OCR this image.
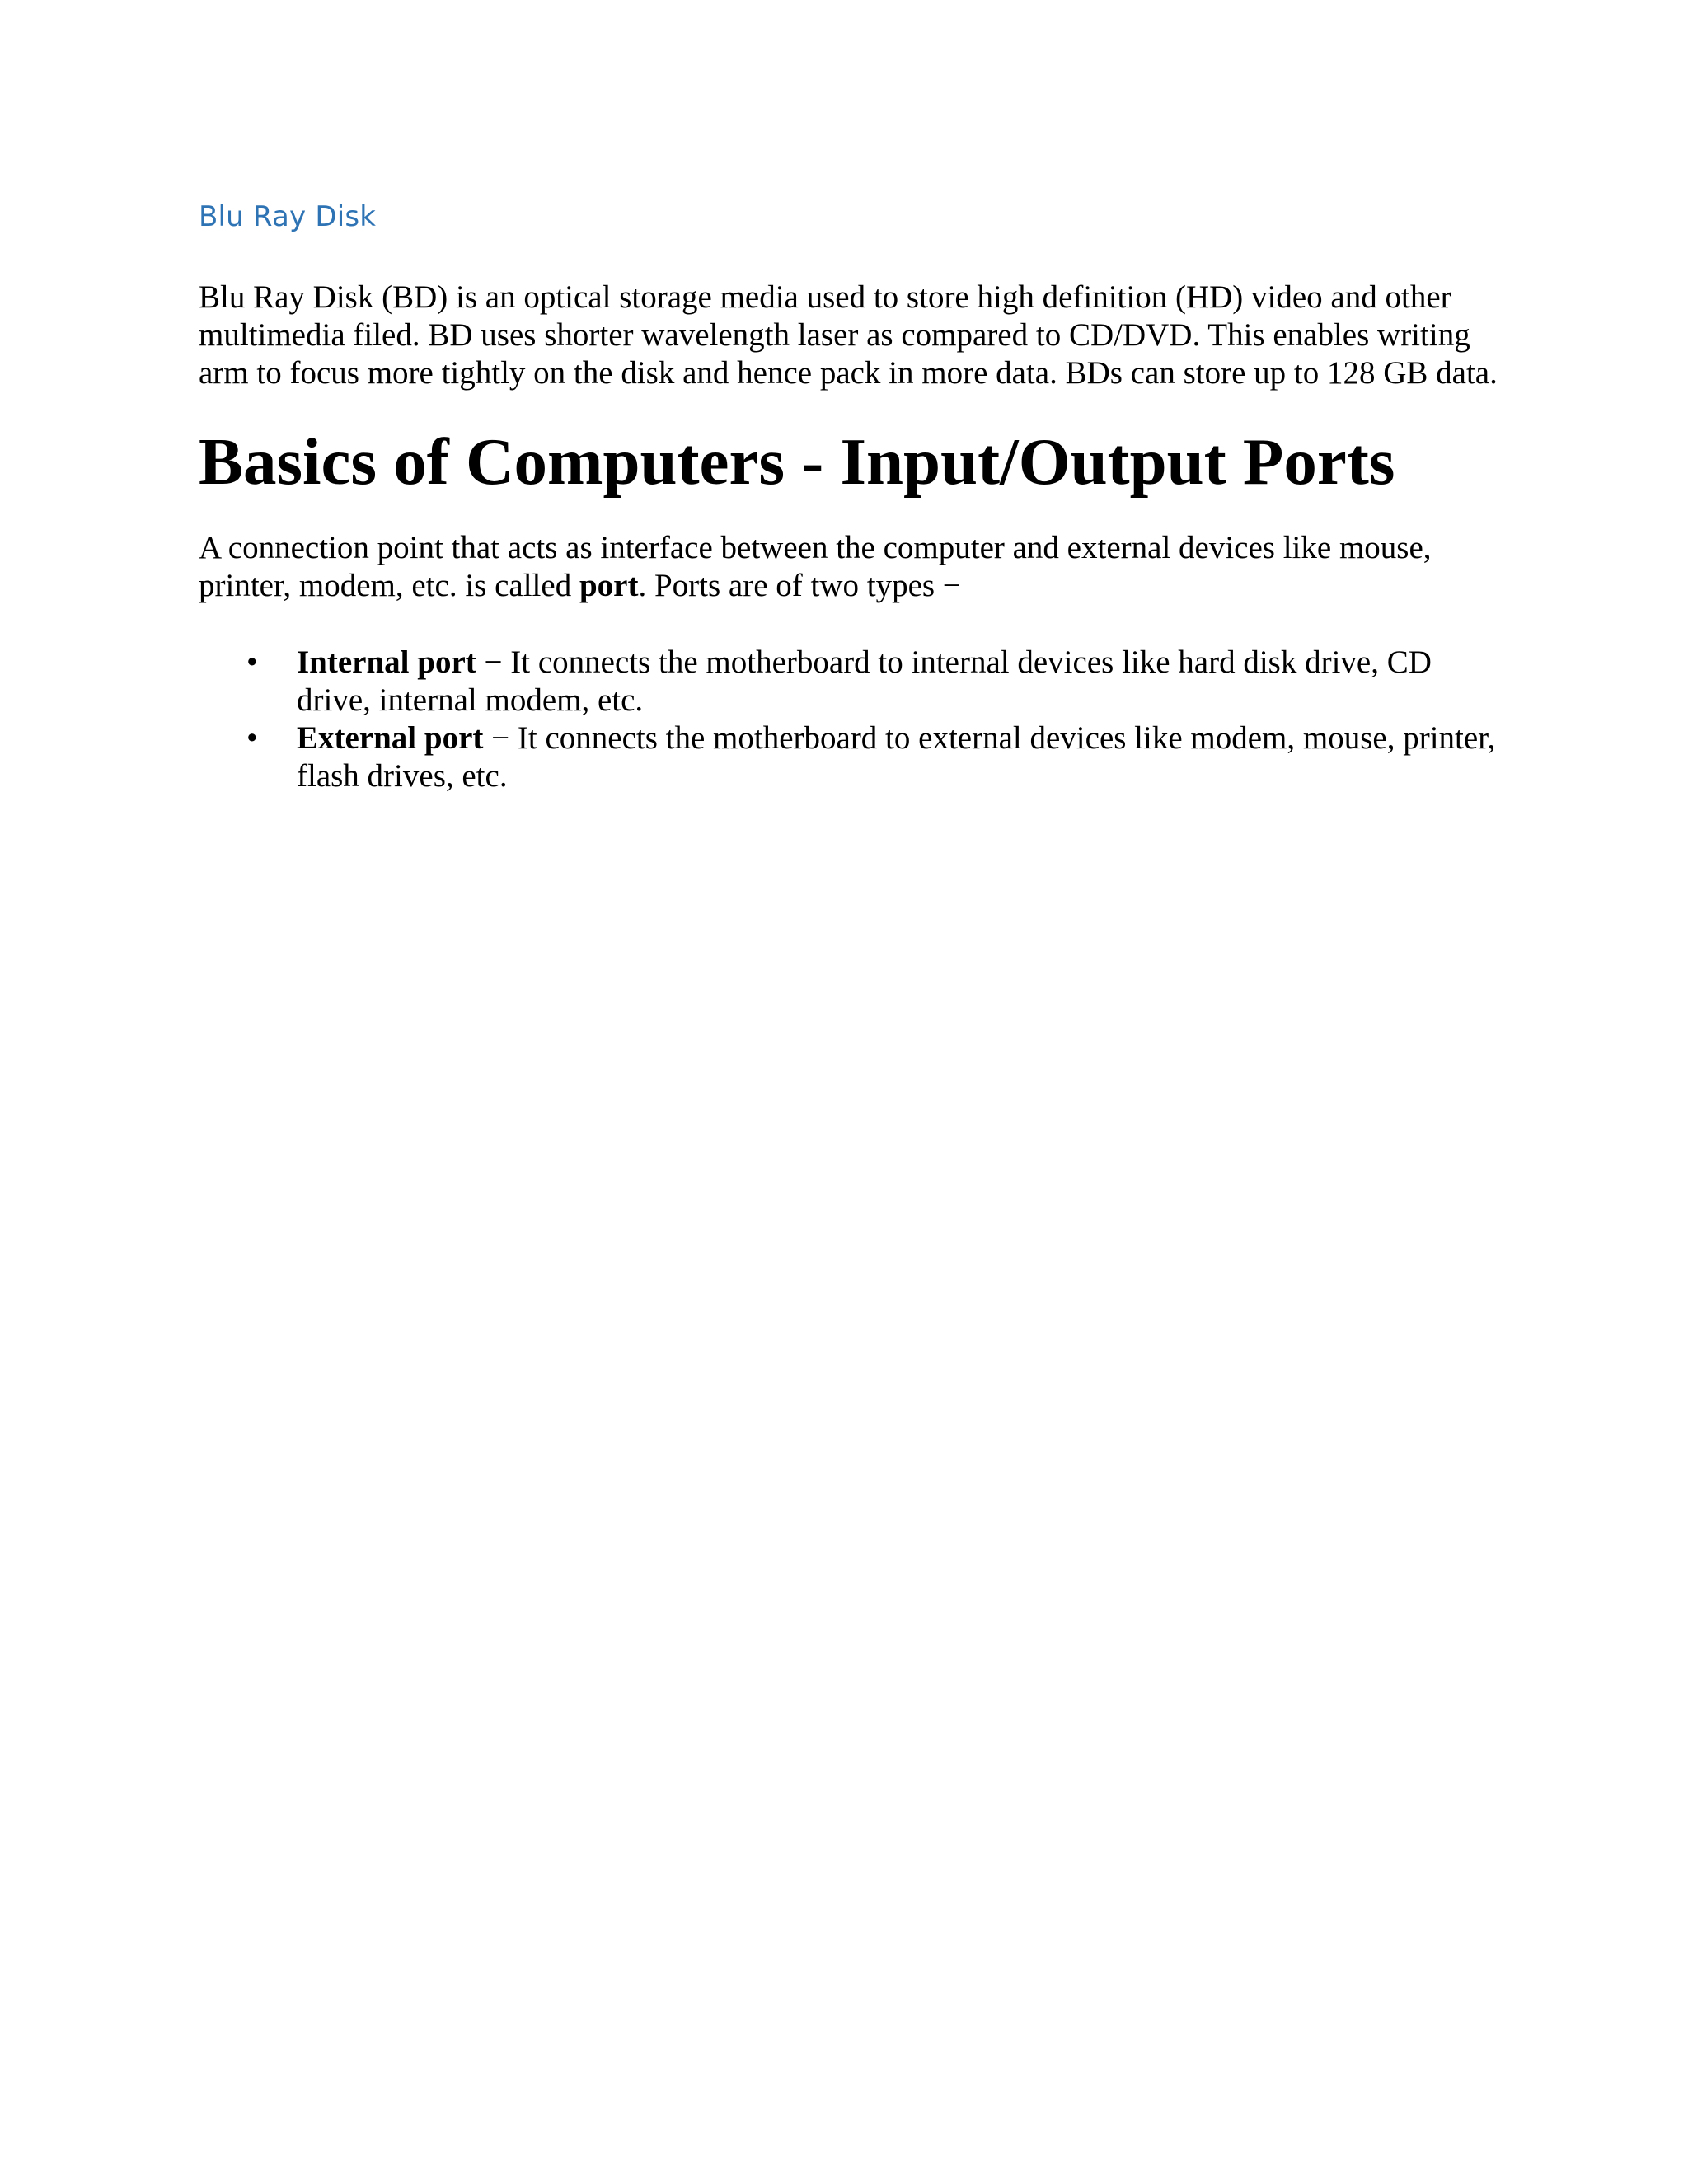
Blu Ray Disk

Blu Ray Disk (BD) is an optical storage media used to store high definition (HD) video and other multimedia filed. BD uses shorter wavelength laser as compared to CD/DVD. This enables writing arm to focus more tightly on the disk and hence pack in more data. BDs can store up to 128 GB data.

Basics of Computers - Input/Output Ports

A connection point that acts as interface between the computer and external devices like mouse, printer, modem, etc. is called port. Ports are of two types −

• Internal port − It connects the motherboard to internal devices like hard disk drive, CD drive, internal modem, etc.
• External port − It connects the motherboard to external devices like modem, mouse, printer, flash drives, etc.
